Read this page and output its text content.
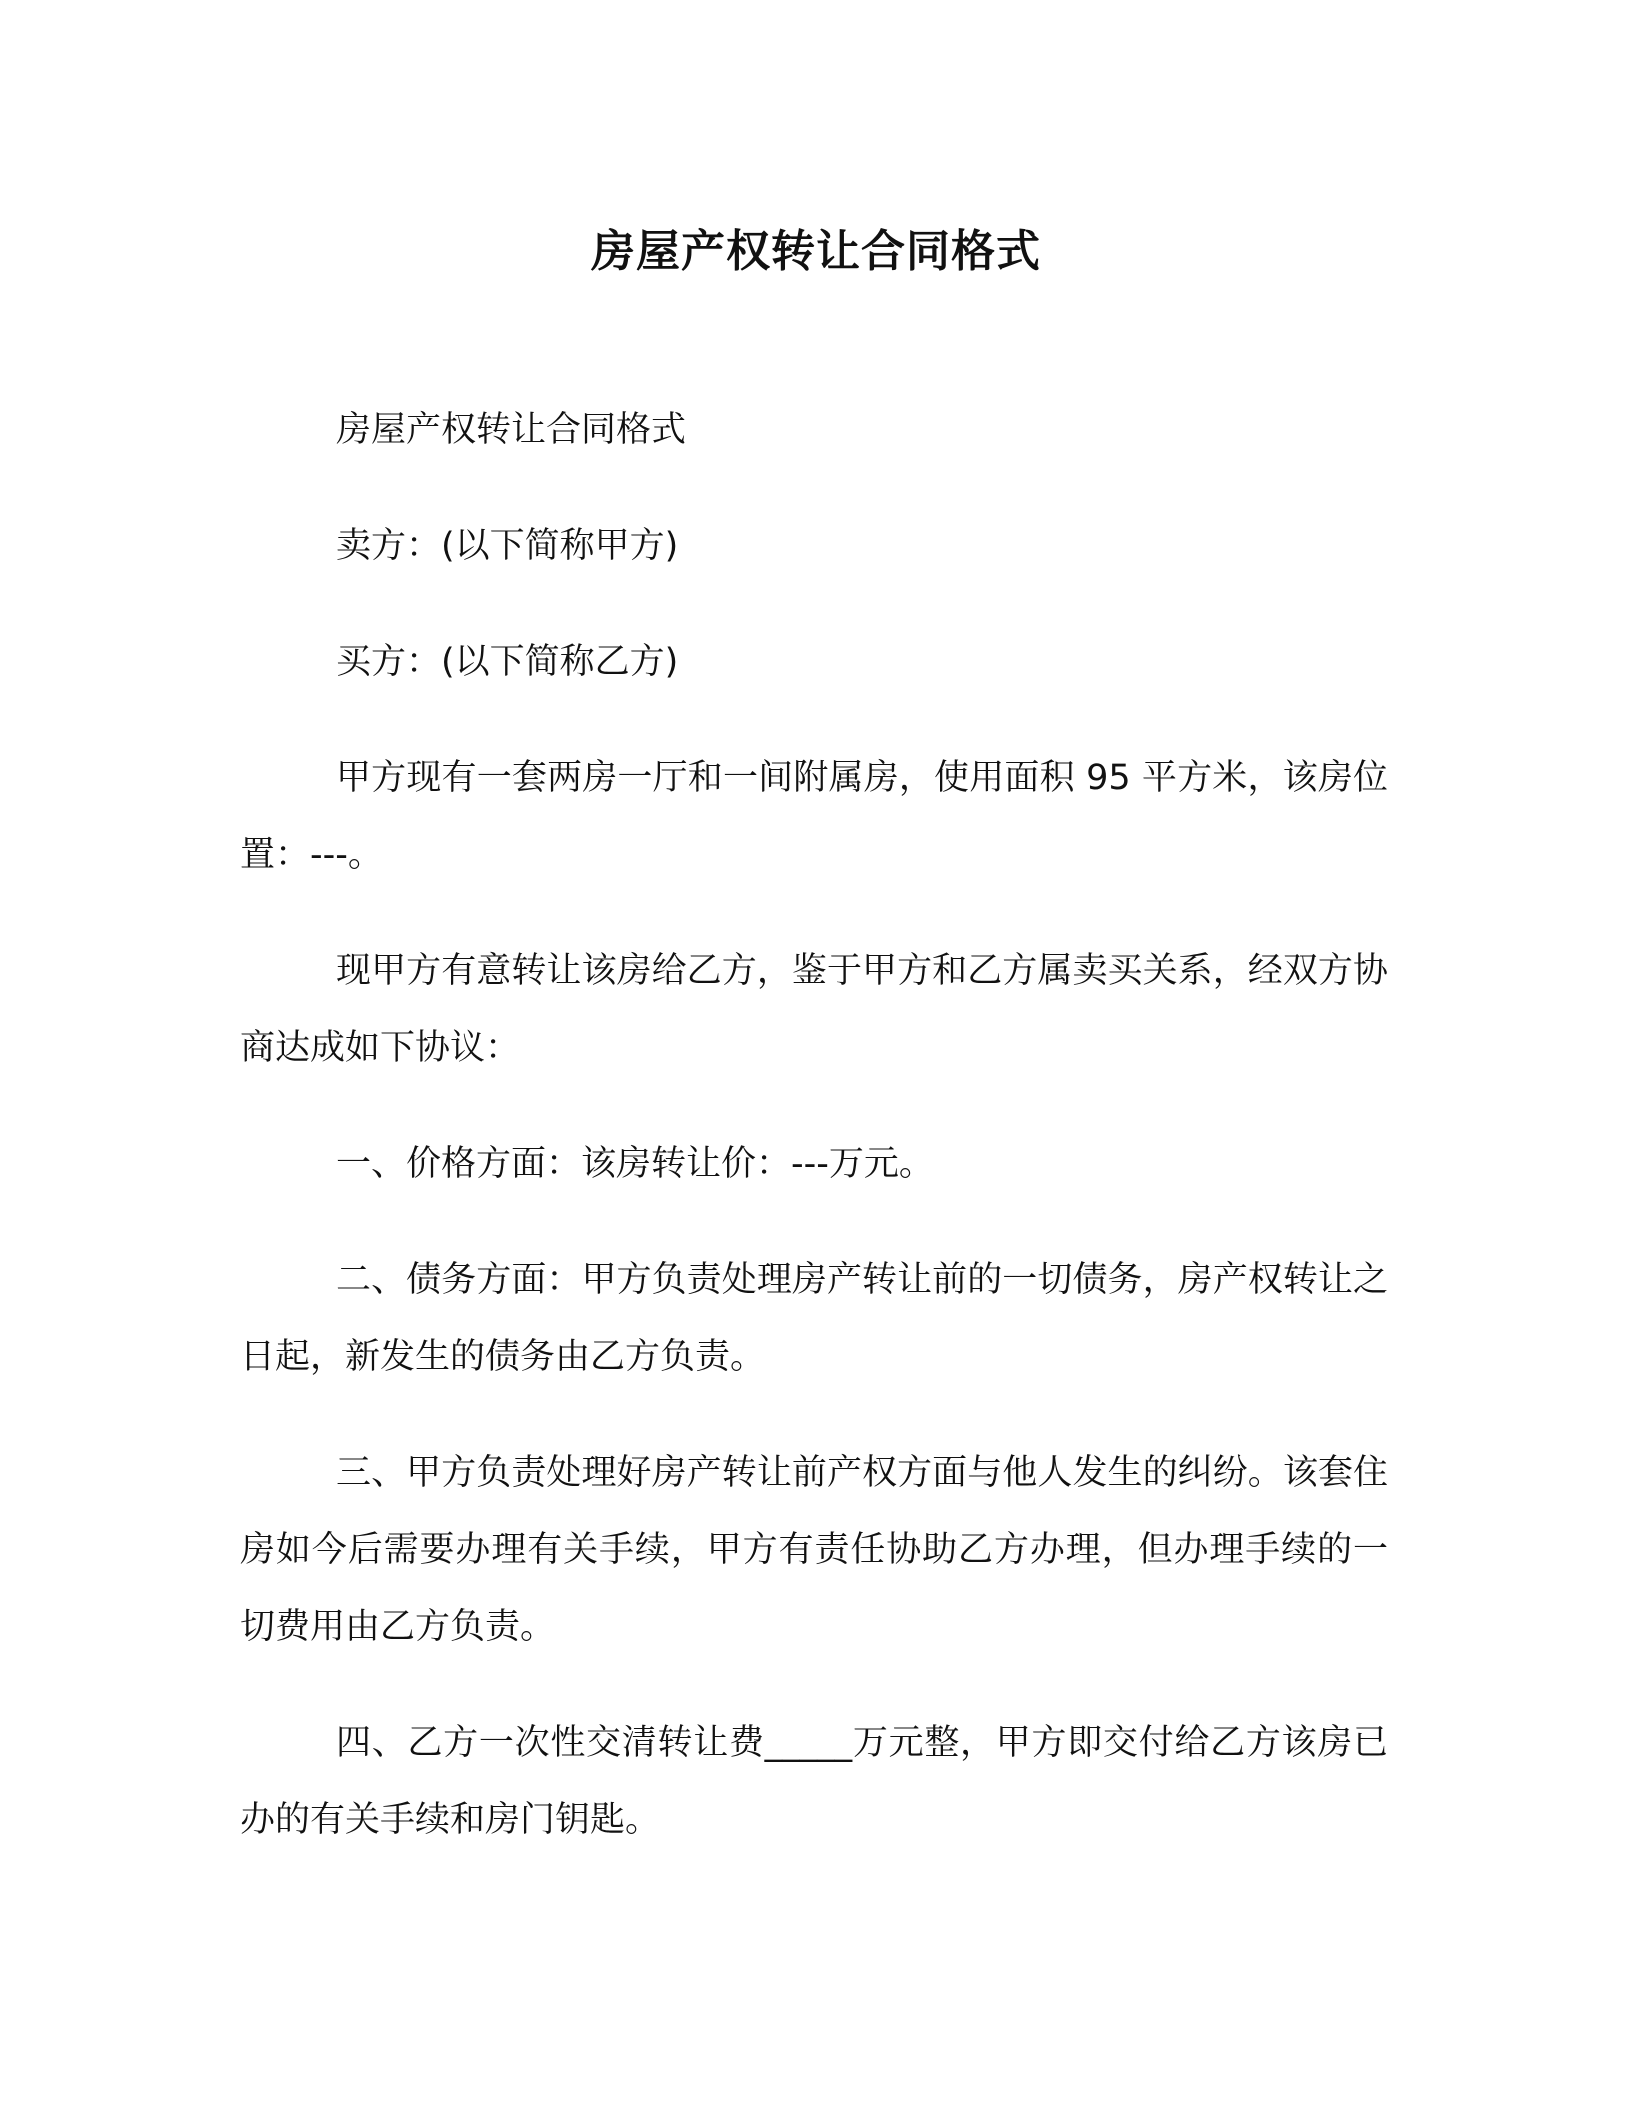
房屋产权转让合同格式

房屋产权转让合同格式

卖方：(以下简称甲方)

买方：(以下简称乙方)

甲方现有一套两房一厅和一间附属房，使用面积 95 平方米，该房位置：---。

现甲方有意转让该房给乙方，鉴于甲方和乙方属卖买关系，经双方协商达成如下协议：

一、价格方面：该房转让价：---万元。

二、债务方面：甲方负责处理房产转让前的一切债务，房产权转让之日起，新发生的债务由乙方负责。

三、甲方负责处理好房产转让前产权方面与他人发生的纠纷。该套住房如今后需要办理有关手续，甲方有责任协助乙方办理，但办理手续的一切费用由乙方负责。

四、乙方一次性交清转让费_____万元整，甲方即交付给乙方该房已办的有关手续和房门钥匙。
